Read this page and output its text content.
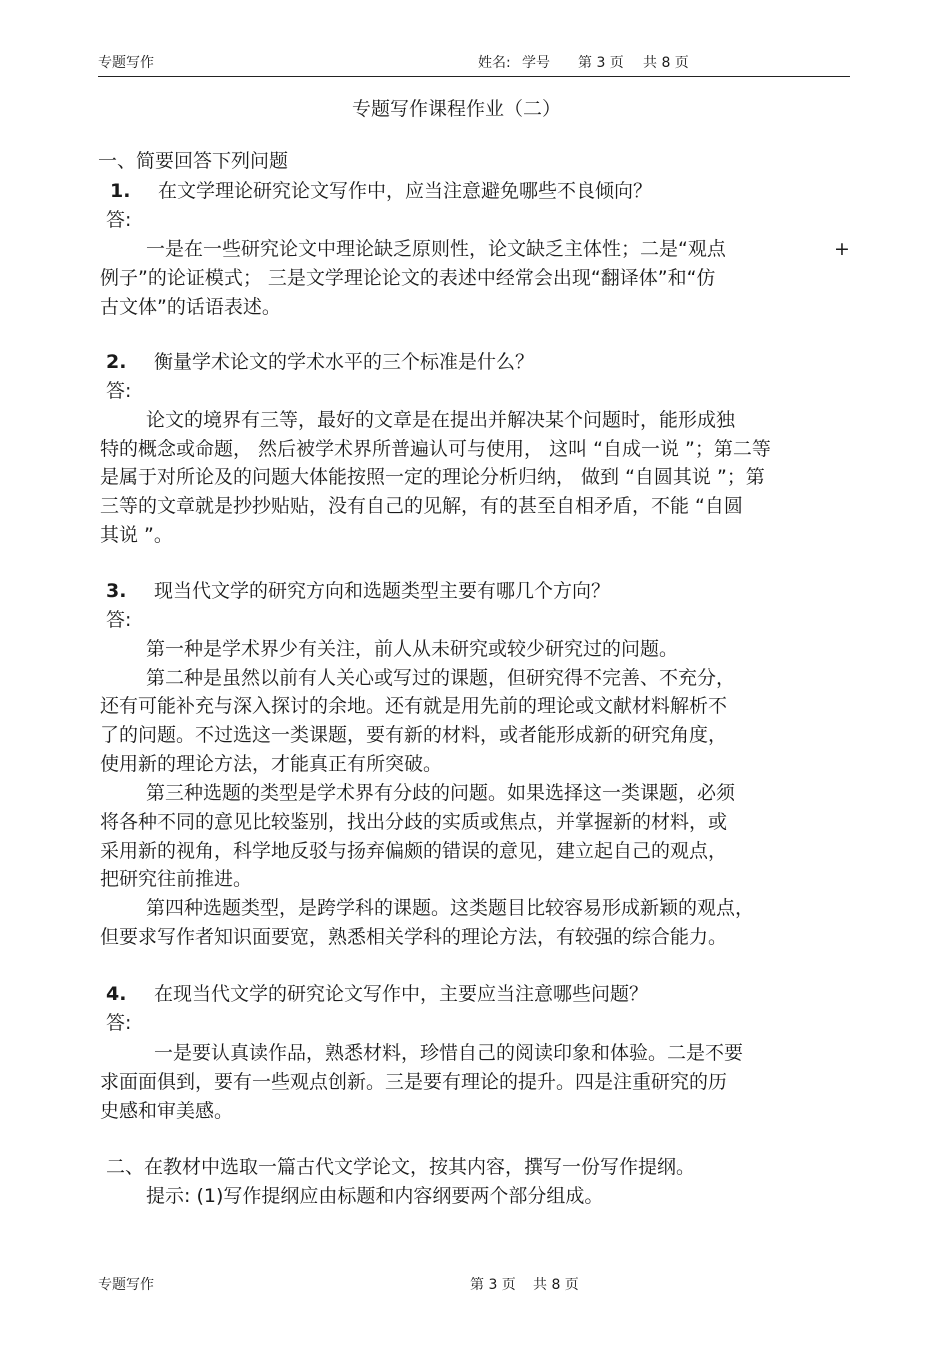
专题写作	姓名: 学号 第 3 页 共 8 页
专题写作课程作业（二）
一、简要回答下列问题
1. 在文学理论研究论文写作中，应当注意避免哪些不良倾向？
答:
一是在一些研究论文中理论缺乏原则性，论文缺乏主体性；二是“观点	+
例子”的论证模式； 三是文学理论论文的表述中经常会出现“翻译体”和“仿
古文体”的话语表述。
2. 衡量学术论文的学术水平的三个标准是什么？
答:
论文的境界有三等，最好的文章是在提出并解决某个问题时，能形成独
特的概念或命题， 然后被学术界所普遍认可与使用， 这叫 “自成一说 ”；第二等
是属于对所论及的问题大体能按照一定的理论分析归纳， 做到 “自圆其说 ”；第
三等的文章就是抄抄贴贴，没有自己的见解，有的甚至自相矛盾，不能 “自圆
其说 ”。
3. 现当代文学的研究方向和选题类型主要有哪几个方向？
答:
第一种是学术界少有关注，前人从未研究或较少研究过的问题。
第二种是虽然以前有人关心或写过的课题，但研究得不完善、不充分，
还有可能补充与深入探讨的余地。还有就是用先前的理论或文献材料解析不
了的问题。不过选这一类课题，要有新的材料，或者能形成新的研究角度，
使用新的理论方法，才能真正有所突破。
第三种选题的类型是学术界有分歧的问题。如果选择这一类课题，必须
将各种不同的意见比较鉴别，找出分歧的实质或焦点，并掌握新的材料，或
采用新的视角，科学地反驳与扬弃偏颇的错误的意见，建立起自己的观点，
把研究往前推进。
第四种选题类型，是跨学科的课题。这类题目比较容易形成新颖的观点，
但要求写作者知识面要宽，熟悉相关学科的理论方法，有较强的综合能力。
4. 在现当代文学的研究论文写作中，主要应当注意哪些问题？
答:
一是要认真读作品，熟悉材料，珍惜自己的阅读印象和体验。二是不要
求面面俱到，要有一些观点创新。三是要有理论的提升。四是注重研究的历
史感和审美感。
二、在教材中选取一篇古代文学论文，按其内容，撰写一份写作提纲。
提示: (1)写作提纲应由标题和内容纲要两个部分组成。
专题写作	第 3 页 共 8 页
